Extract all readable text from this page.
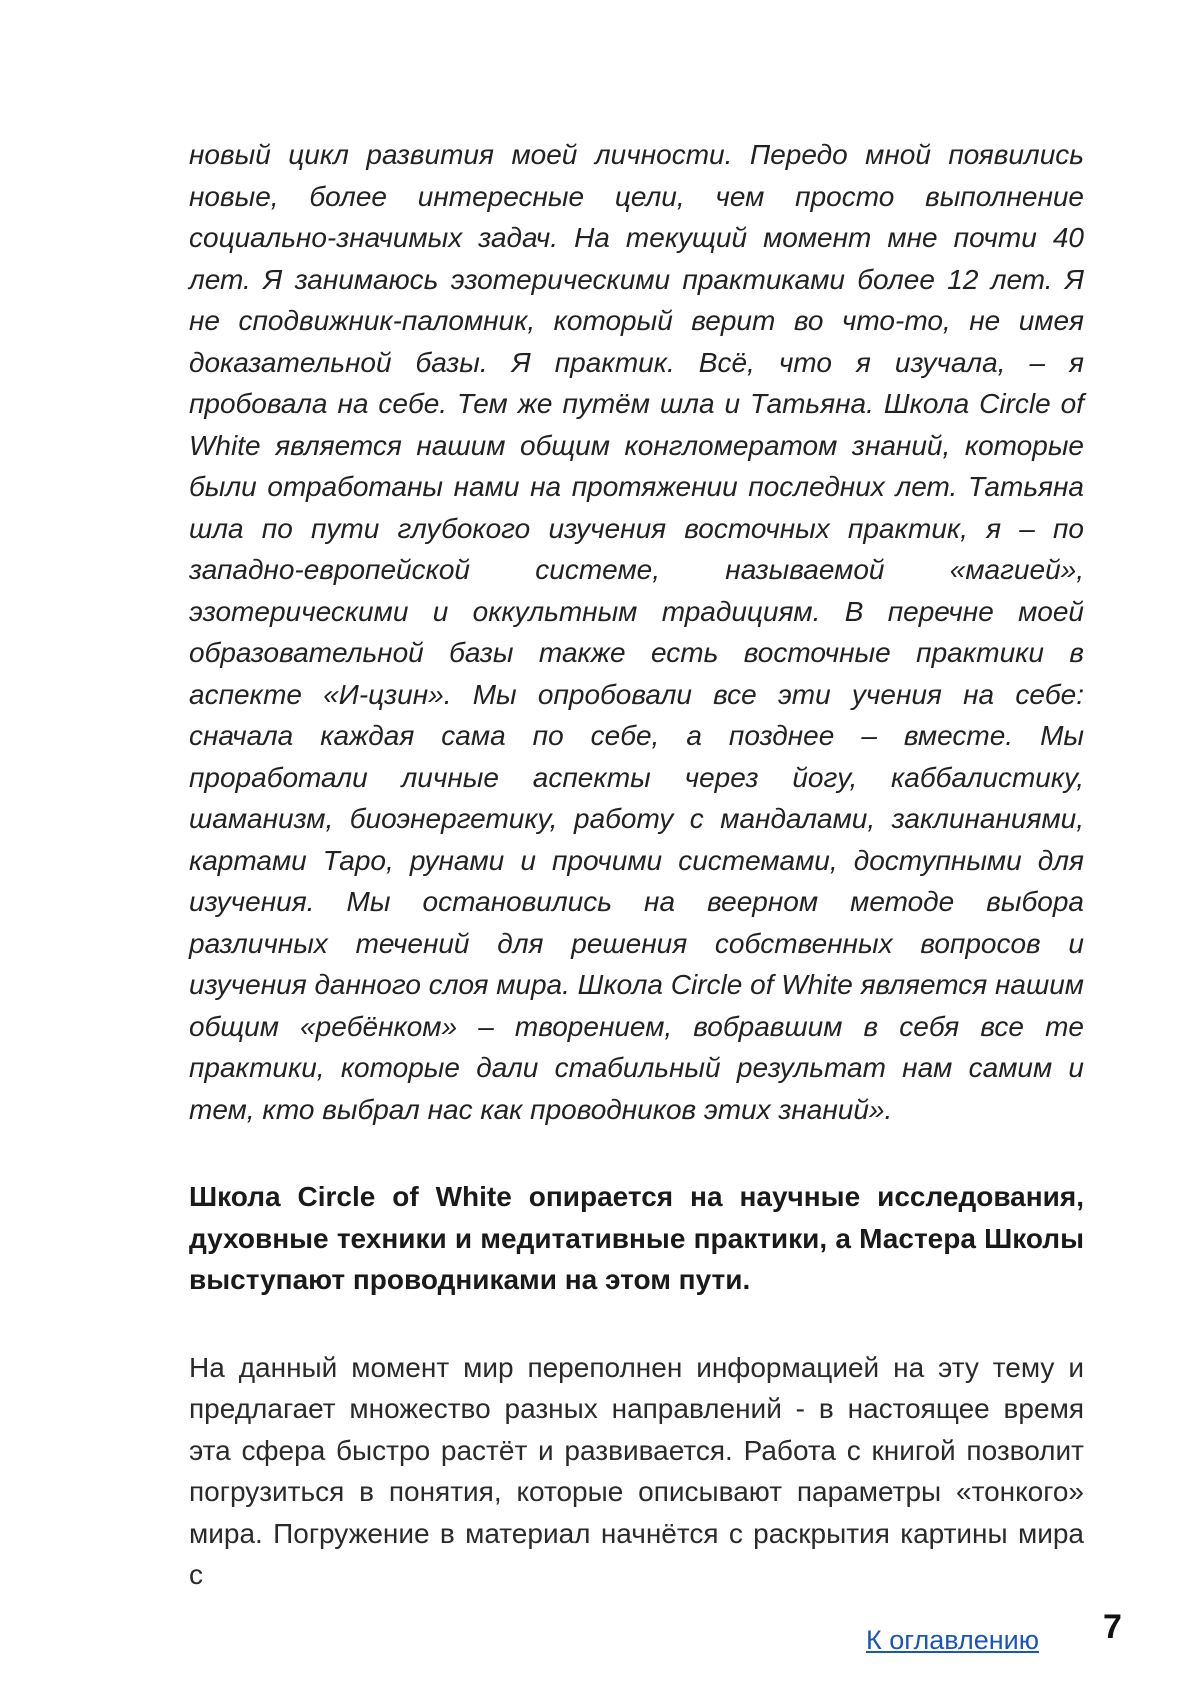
новый цикл развития моей личности. Передо мной появились новые, более интересные цели, чем просто выполнение социально-значимых задач. На текущий момент мне почти 40 лет. Я занимаюсь эзотерическими практиками более 12 лет. Я не сподвижник-паломник, который верит во что-то, не имея доказательной базы. Я практик. Всё, что я изучала, – я пробовала на себе. Тем же путём шла и Татьяна. Школа Circle of White является нашим общим конгломератом знаний, которые были отработаны нами на протяжении последних лет. Татьяна шла по пути глубокого изучения восточных практик, я – по западно-европейской системе, называемой «магией», эзотерическими и оккультным традициям. В перечне моей образовательной базы также есть восточные практики в аспекте «И-цзин». Мы опробовали все эти учения на себе: сначала каждая сама по себе, а позднее – вместе. Мы проработали личные аспекты через йогу, каббалистику, шаманизм, биоэнергетику, работу с мандалами, заклинаниями, картами Таро, рунами и прочими системами, доступными для изучения. Мы остановились на веерном методе выбора различных течений для решения собственных вопросов и изучения данного слоя мира. Школа Circle of White является нашим общим «ребёнком» – творением, вобравшим в себя все те практики, которые дали стабильный результат нам самим и тем, кто выбрал нас как проводников этих знаний».

Школа Circle of White опирается на научные исследования, духовные техники и медитативные практики, а Мастера Школы выступают проводниками на этом пути.

На данный момент мир переполнен информацией на эту тему и предлагает множество разных направлений - в настоящее время эта сфера быстро растёт и развивается. Работа с книгой позволит погрузиться в понятия, которые описывают параметры «тонкого» мира. Погружение в материал начнётся с раскрытия картины мира с

К оглавлению 7
